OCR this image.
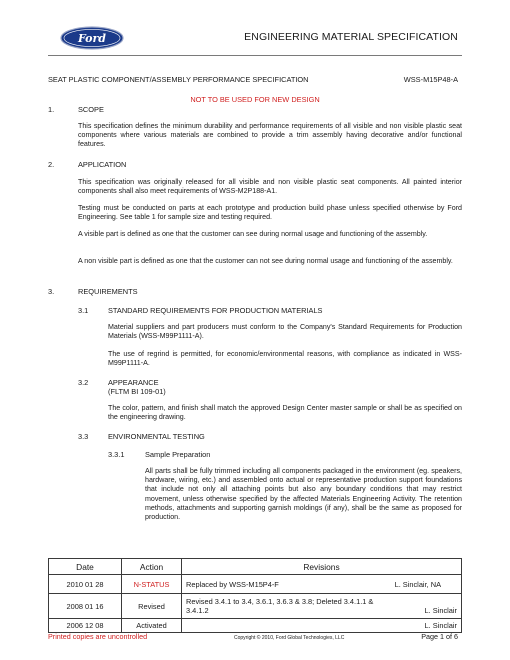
Ford	ENGINEERING MATERIAL SPECIFICATION
SEAT PLASTIC COMPONENT/ASSEMBLY PERFORMANCE SPECIFICATION	WSS-M15P48-A
NOT TO BE USED FOR NEW DESIGN
1.	SCOPE
This specification defines the minimum durability and performance requirements of all visible and non visible plastic seat components where various materials are combined to provide a trim assembly having decorative and/or functional features.
2.	APPLICATION
This specification was originally released for all visible and non visible plastic seat components. All painted interior components shall also meet requirements of WSS-M2P188-A1.
Testing must be conducted on parts at each prototype and production build phase unless specified otherwise by Ford Engineering. See table 1 for sample size and testing required.
A visible part is defined as one that the customer can see during normal usage and functioning of the assembly.
A non visible part is defined as one that the customer can not see during normal usage and functioning of the assembly.
3.	REQUIREMENTS
3.1	STANDARD REQUIREMENTS FOR PRODUCTION MATERIALS
Material suppliers and part producers must conform to the Company's Standard Requirements for Production Materials (WSS-M99P1111-A).
The use of regrind is permitted, for economic/environmental reasons, with compliance as indicated in WSS-M99P1111-A.
3.2	APPEARANCE
(FLTM BI 109-01)
The color, pattern, and finish shall match the approved Design Center master sample or shall be as specified on the engineering drawing.
3.3	ENVIRONMENTAL TESTING
3.3.1	Sample Preparation
All parts shall be fully trimmed including all components packaged in the environment (eg. speakers, hardware, wiring, etc.) and assembled onto actual or representative production support foundations that include not only all attaching points but also any boundary conditions that may restrict movement, unless otherwise specified by the affected Materials Engineering Activity. The retention methods, attachments and supporting garnish moldings (if any), shall be the same as proposed for production.
Date	Action	Revisions
2010 01 28	N-STATUS	Replaced by WSS-M15P4-F L. Sinclair, NA

2008 01 16	Revised	Revised 3.4.1 to 3.4, 3.6.1, 3.6.3 & 3.8; Deleted 3.4.1.1 & 3.4.1.2 L. Sinclair

2006 12 08	Activated	L. Sinclair
Printed copies are uncontrolled	Copyright © 2010, Ford Global Technologies, LLC	Page 1 of 6
